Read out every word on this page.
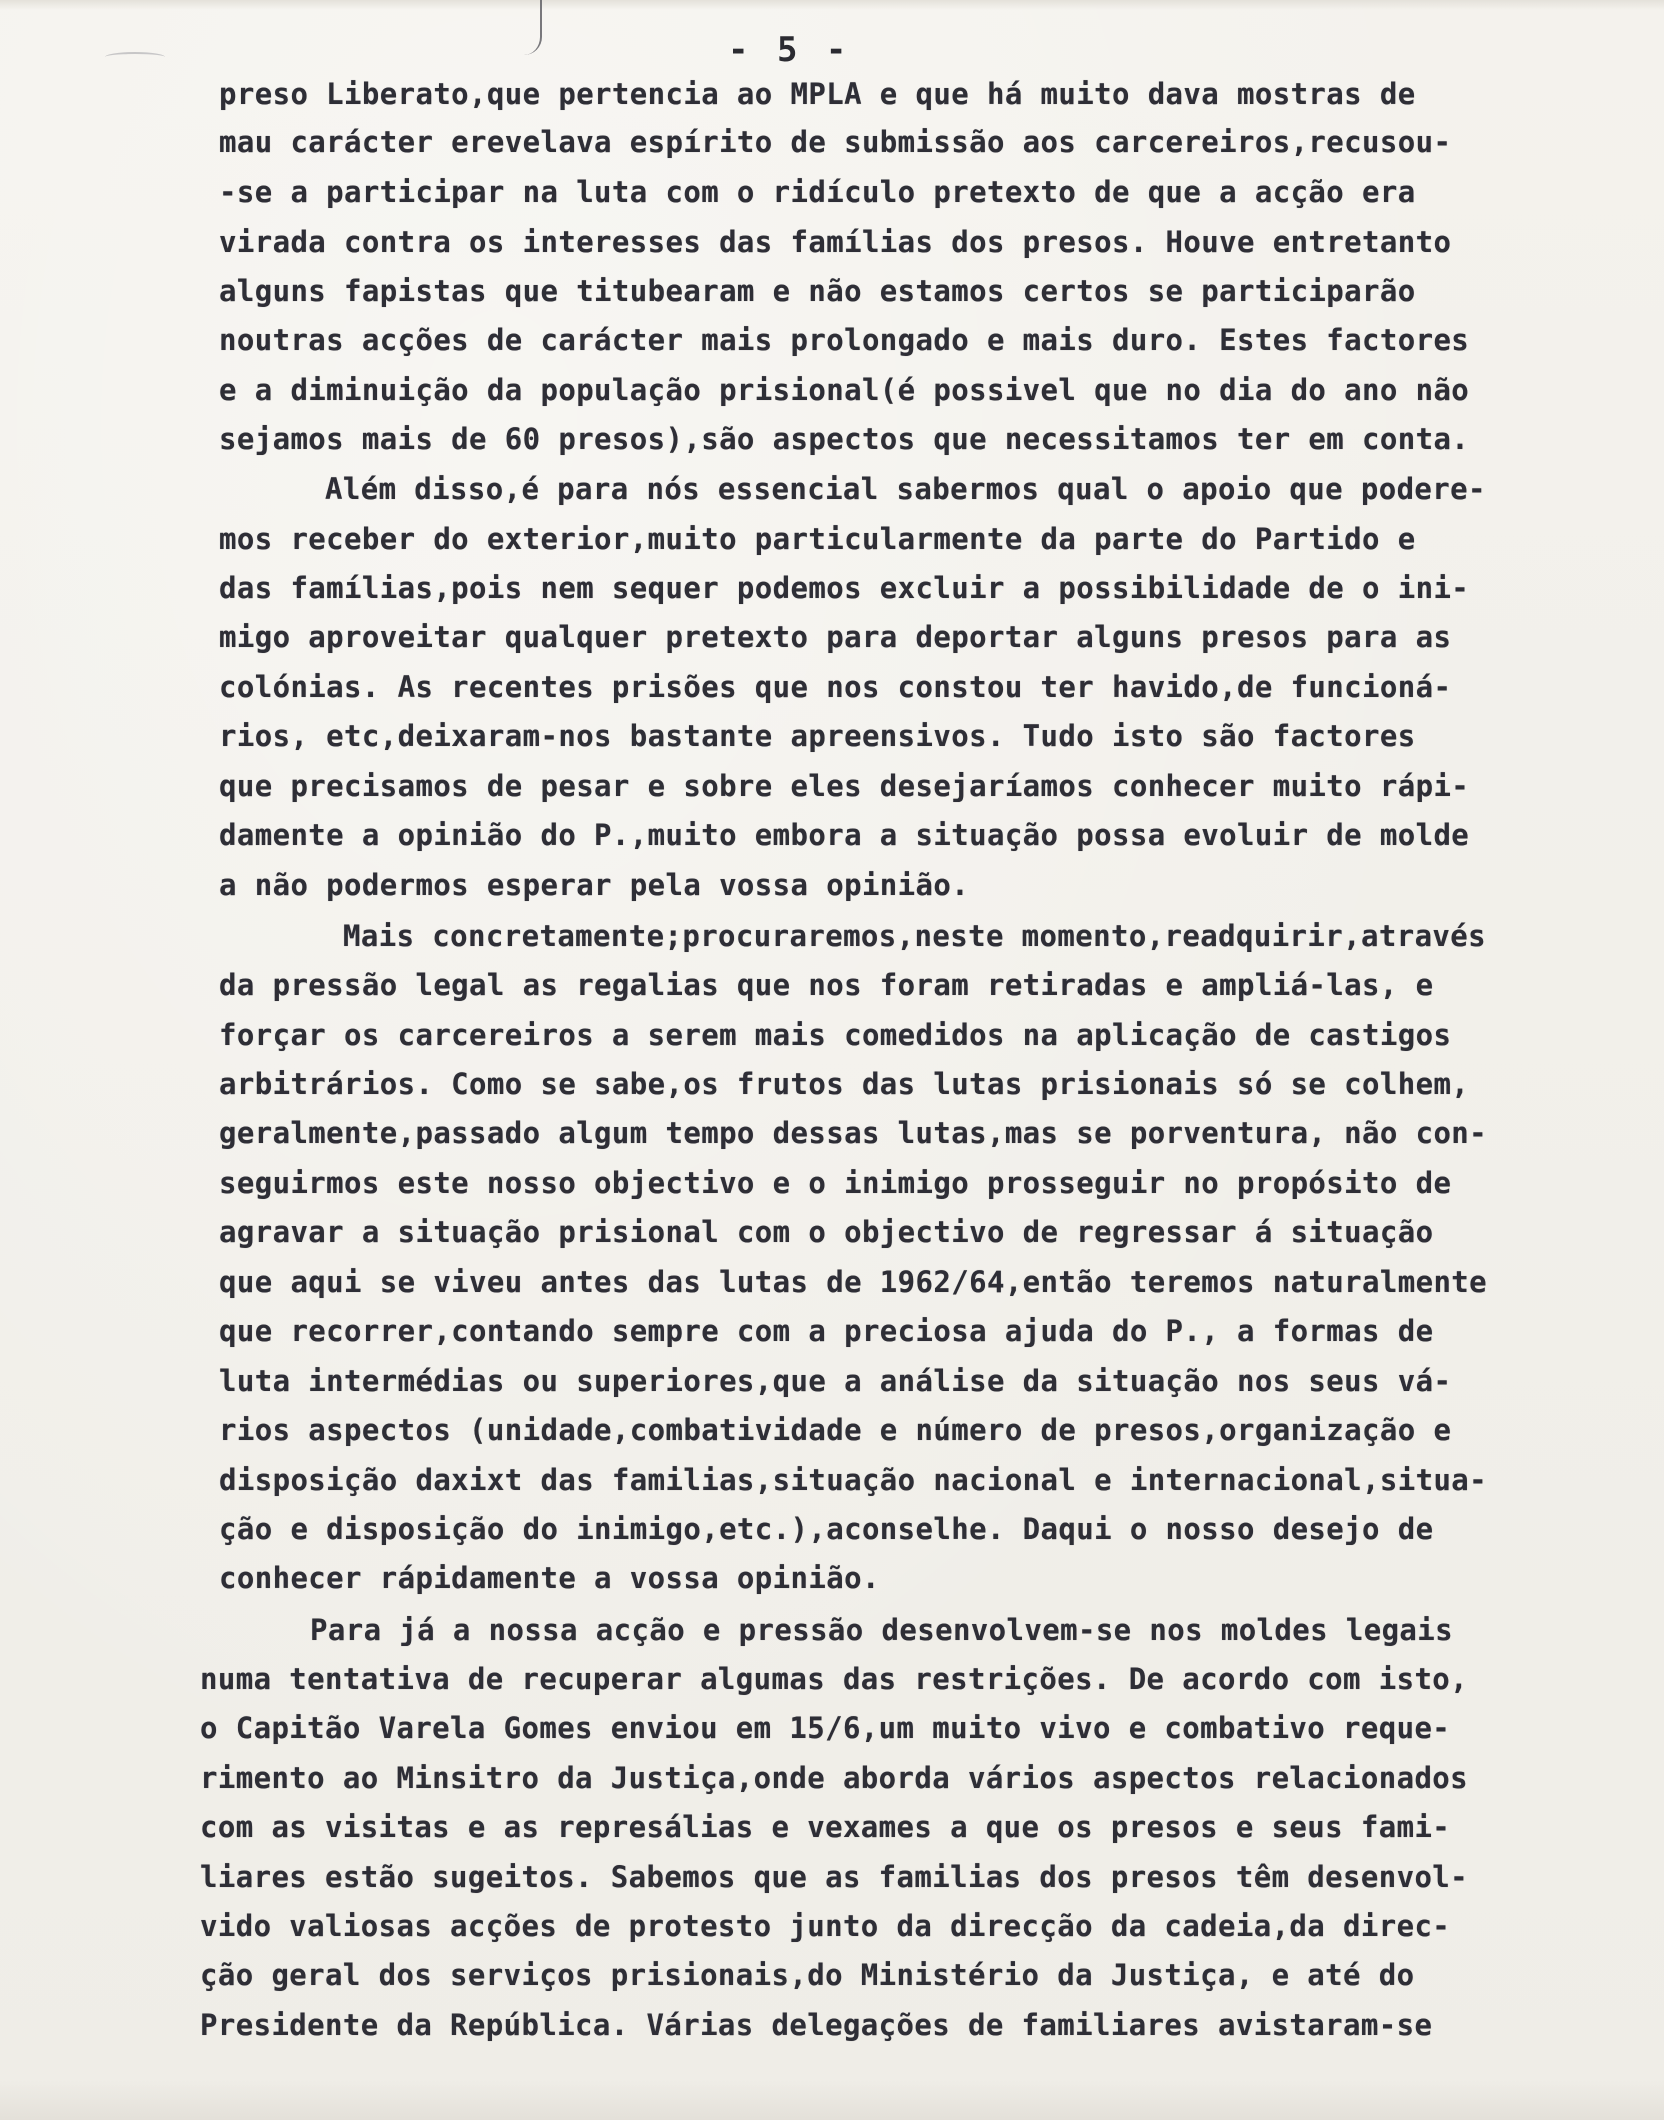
- 5 -
preso Liberato,que pertencia ao MPLA e que há muito dava mostras de
mau carácter erevelava espírito de submissão aos carcereiros,recusou-
-se a participar na luta com o ridículo pretexto de que a acção era
virada contra os interesses das famílias dos presos. Houve entretanto
alguns fapistas que titubearam e não estamos certos se participarão
noutras acções de carácter mais prolongado e mais duro. Estes factores
e a diminuição da população prisional(é possivel que no dia do ano não
sejamos mais de 60 presos),são aspectos que necessitamos ter em conta.
Além disso,é para nós essencial sabermos qual o apoio que podere-
mos receber do exterior,muito particularmente da parte do Partido e
das famílias,pois nem sequer podemos excluir a possibilidade de o ini-
migo aproveitar qualquer pretexto para deportar alguns presos para as
colónias. As recentes prisões que nos constou ter havido,de funcioná-
rios, etc,deixaram-nos bastante apreensivos. Tudo isto são factores
que precisamos de pesar e sobre eles desejaríamos conhecer muito rápi-
damente a opinião do P.,muito embora a situação possa evoluir de molde
a não podermos esperar pela vossa opinião.
Mais concretamente;procuraremos,neste momento,readquirir,através
da pressão legal as regalias que nos foram retiradas e ampliá-las, e
forçar os carcereiros a serem mais comedidos na aplicação de castigos
arbitrários. Como se sabe,os frutos das lutas prisionais só se colhem,
geralmente,passado algum tempo dessas lutas,mas se porventura, não con-
seguirmos este nosso objectivo e o inimigo prosseguir no propósito de
agravar a situação prisional com o objectivo de regressar á situação
que aqui se viveu antes das lutas de 1962/64,então teremos naturalmente
que recorrer,contando sempre com a preciosa ajuda do P., a formas de
luta intermédias ou superiores,que a análise da situação nos seus vá-
rios aspectos (unidade,combatividade e número de presos,organização e
disposição daxixt das familias,situação nacional e internacional,situa-
ção e disposição do inimigo,etc.),aconselhe. Daqui o nosso desejo de
conhecer rápidamente a vossa opinião.
Para já a nossa acção e pressão desenvolvem-se nos moldes legais
numa tentativa de recuperar algumas das restrições. De acordo com isto,
o Capitão Varela Gomes enviou em 15/6,um muito vivo e combativo reque-
rimento ao Minsitro da Justiça,onde aborda vários aspectos relacionados
com as visitas e as represálias e vexames a que os presos e seus fami-
liares estão sugeitos. Sabemos que as familias dos presos têm desenvol-
vido valiosas acções de protesto junto da direcção da cadeia,da direc-
ção geral dos serviços prisionais,do Ministério da Justiça, e até do
Presidente da República. Várias delegações de familiares avistaram-se
